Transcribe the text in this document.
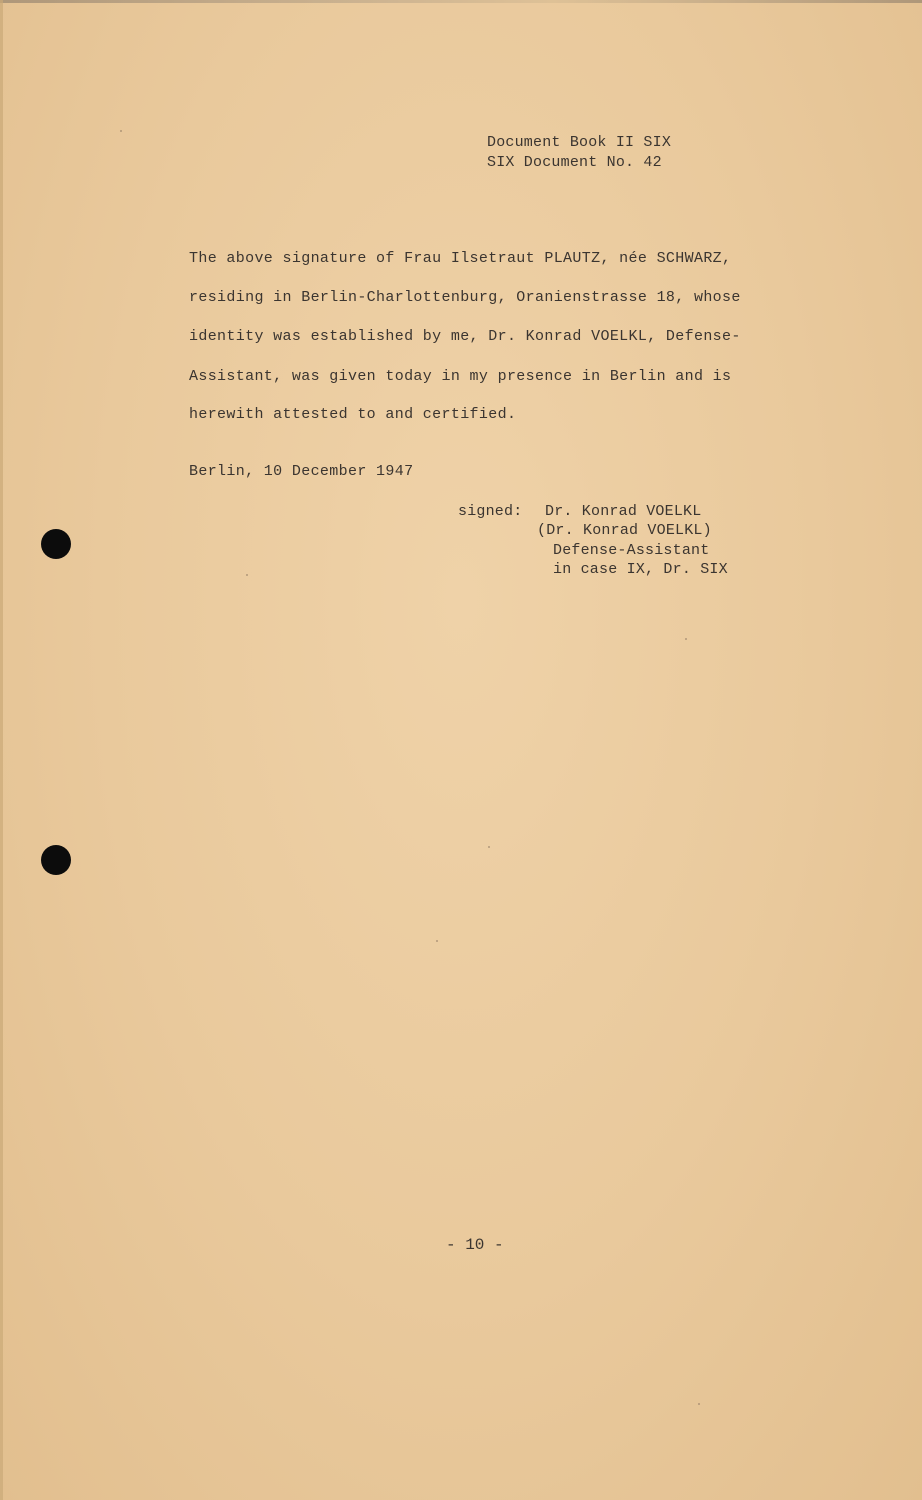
Document Book II SIX
SIX Document No. 42
The above signature of Frau Ilsetraut PLAUTZ, née SCHWARZ,
residing in Berlin-Charlottenburg, Oranienstrasse 18, whose
identity was established by me, Dr. Konrad VOELKL, Defense-
Assistant, was given today in my presence in Berlin and is
herewith attested to and certified.
Berlin, 10 December 1947
signed: Dr. Konrad VOELKL
(Dr. Konrad VOELKL)
Defense-Assistant
in case IX, Dr. SIX
- 10 -
